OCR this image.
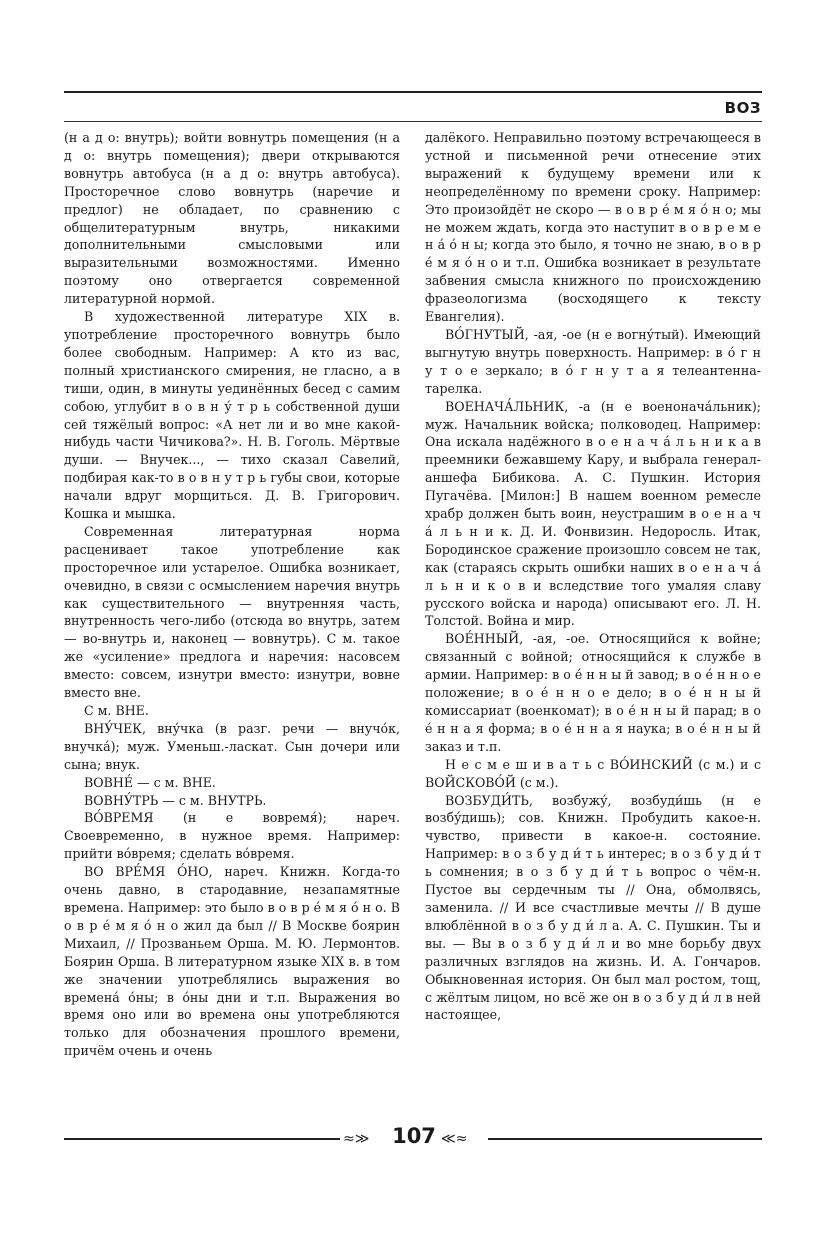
ВОЗ

(н а д о: внутрь); войти вовнутрь помещения (н а д о: внутрь помещения); двери открываются вовнутрь автобуса (н а д о: внутрь автобуса). Просторечное слово вовнутрь (наречие и предлог) не обладает, по сравнению с общелитературным внутрь, никакими дополнительными смысловыми или выразительными возможностями. Именно поэтому оно отвергается современной литературной нормой.

В художественной литературе XIX в. употребление просторечного вовнутрь было более свободным. Например: А кто из вас, полный христианского смирения, не гласно, а в тиши, один, в минуты уединённых бесед с самим собою, углубит в о в н у́ т р ь собственной души сей тяжёлый вопрос: «А нет ли и во мне какой-нибудь части Чичикова?». Н. В. Гоголь. Мёртвые души. — Внучек..., — тихо сказал Савелий, подбирая как-то в о в н у т р ь губы свои, которые начали вдруг морщиться. Д. В. Григорович. Кошка и мышка.

Современная литературная норма расценивает такое употребление как просторечное или устарелое. Ошибка возникает, очевидно, в связи с осмыслением наречия внутрь как существительного — внутренняя часть, внутренность чего-либо (отсюда во внутрь, затем — во-внутрь и, наконец — вовнутрь). С м. такое же «усиление» предлога и наречия: насовсем вместо: совсем, изнутри вместо: изнутри, вовне вместо вне.

С м. ВНЕ.

ВНУ́ЧЕК, вну́чка (в разг. речи — внучо́к, внучка́); муж. Уменьш.-ласкат. Сын дочери или сына; внук.

ВОВНЕ́ — с м. ВНЕ.

ВОВНУ́ТРЬ — с м. ВНУТРЬ.

ВО́ВРЕМЯ (н е вовремя́); нареч. Своевременно, в нужное время. Например: прийти во́время; сделать во́время.

ВО ВРЕ́МЯ О́НО, нареч. Книжн. Когда-то очень давно, в стародавние, незапамятные времена. Например: это было в о в р е́ м я о́ н о. В о в р е́ м я о́ н о жил да был // В Москве боярин Михаил, // Прозваньем Орша. М. Ю. Лермонтов. Боярин Орша. В литературном языке XIX в. в том же значении употреблялись выражения во времена́ о́ны; в о́ны дни и т.п. Выражения во время оно или во времена оны употребляются только для обозначения прошлого времени, причём очень и очень

далёкого. Неправильно поэтому встречающееся в устной и письменной речи отнесение этих выражений к будущему времени или к неопределённому по времени сроку. Например: Это произойдёт не скоро — в о в р е́ м я о́ н о; мы не можем ждать, когда это наступит в о в р е м е н а́ о́ н ы; когда это было, я точно не знаю, в о в р е́ м я о́ н о и т.п. Ошибка возникает в результате забвения смысла книжного по происхождению фразеологизма (восходящего к тексту Евангелия).

ВО́ГНУТЫЙ, -ая, -ое (н е вогну́тый). Имеющий выгнутую внутрь поверхность. Например: в о́ г н у т о е зеркало; в о́ г н у т а я телеантенна-тарелка.

ВОЕНАЧА́ЛЬНИК, -а (н е военонача́льник); муж. Начальник войска; полководец. Например: Она искала надёжного в о е н а ч а́ л ь н и к а в преемники бежавшему Кару, и выбрала генерал-аншефа Бибикова. А. С. Пушкин. История Пугачёва. [Милон:] В нашем военном ремесле храбр должен быть воин, неустрашим в о е н а ч а́ л ь н и к. Д. И. Фонвизин. Недоросль. Итак, Бородинское сражение произошло совсем не так, как (стараясь скрыть ошибки наших в о е н а ч а́ л ь н и к о в и вследствие того умаляя славу русского войска и народа) описывают его. Л. Н. Толстой. Война и мир.

ВОЕ́ННЫЙ, -ая, -ое. Относящийся к войне; связанный с войной; относящийся к службе в армии. Например: в о е́ н н ы й завод; в о е́ н н о е положение; в о е́ н н о е дело; в о е́ н н ы й комиссариат (военкомат); в о е́ н н ы й парад; в о е́ н н а я форма; в о е́ н н а я наука; в о е́ н н ы й заказ и т.п.

Н е с м е ш и в а т ь с ВО́ИНСКИЙ (с м.) и с ВОЙСКОВО́Й (с м.).

ВОЗБУДИ́ТЬ, возбужу́, возбуди́шь (н е возбу́дишь); сов. Книжн. Пробудить какое-н. чувство, привести в какое-н. состояние. Например: в о з б у д и́ т ь интерес; в о з б у д и́ т ь сомнения; в о з б у д и́ т ь вопрос о чём-н. Пустое вы сердечным ты // Она, обмолвясь, заменила. // И все счастливые мечты // В душе влюблённой в о з б у д и́ л а. А. С. Пушкин. Ты и вы. — Вы в о з б у д и́ л и во мне борьбу двух различных взглядов на жизнь. И. А. Гончаров. Обыкновенная история. Он был мал ростом, тощ, с жёлтым лицом, но всё же он в о з б у д и́ л в ней настоящее,

≈≫	107 ≪≈
